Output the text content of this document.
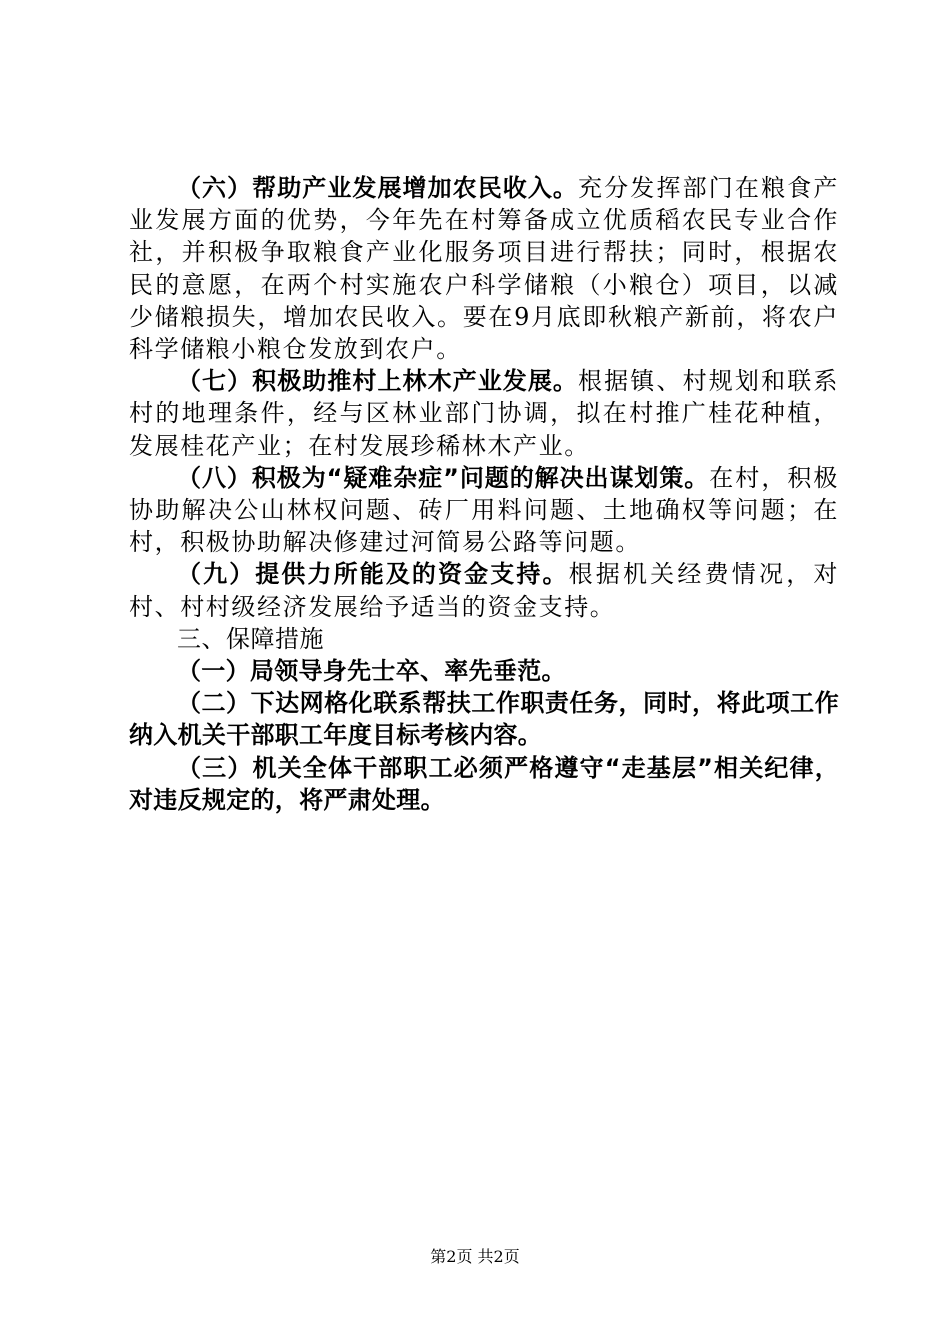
（六）帮助产业发展增加农民收入。充分发挥部门在粮食产业发展方面的优势，今年先在村筹备成立优质稻农民专业合作社，并积极争取粮食产业化服务项目进行帮扶；同时，根据农民的意愿，在两个村实施农户科学储粮（小粮仓）项目，以减少储粮损失，增加农民收入。要在9月底即秋粮产新前，将农户科学储粮小粮仓发放到农户。

（七）积极助推村上林木产业发展。根据镇、村规划和联系村的地理条件，经与区林业部门协调，拟在村推广桂花种植，发展桂花产业；在村发展珍稀林木产业。

（八）积极为“疑难杂症”问题的解决出谋划策。在村，积极协助解决公山林权问题、砖厂用料问题、土地确权等问题；在村，积极协助解决修建过河简易公路等问题。

（九）提供力所能及的资金支持。根据机关经费情况，对村、村村级经济发展给予适当的资金支持。

三、保障措施

（一）局领导身先士卒、率先垂范。

（二）下达网格化联系帮扶工作职责任务，同时，将此项工作纳入机关干部职工年度目标考核内容。

（三）机关全体干部职工必须严格遵守“走基层”相关纪律，对违反规定的，将严肃处理。

第2页 共2页
